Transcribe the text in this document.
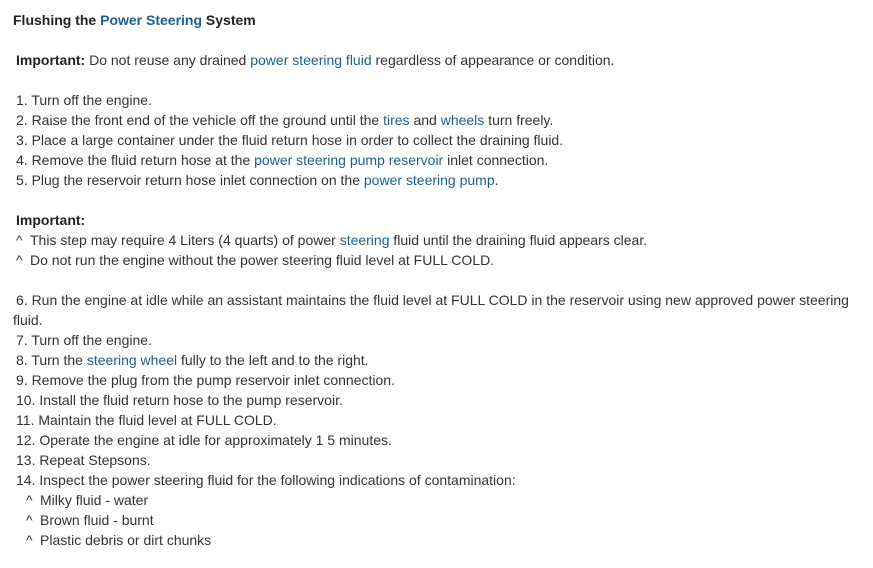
Flushing the Power Steering System
Important: Do not reuse any drained power steering fluid regardless of appearance or condition.
1. Turn off the engine.
2. Raise the front end of the vehicle off the ground until the tires and wheels turn freely.
3. Place a large container under the fluid return hose in order to collect the draining fluid.
4. Remove the fluid return hose at the power steering pump reservoir inlet connection.
5. Plug the reservoir return hose inlet connection on the power steering pump.
Important:
^ This step may require 4 Liters (4 quarts) of power steering fluid until the draining fluid appears clear.
^ Do not run the engine without the power steering fluid level at FULL COLD.
6. Run the engine at idle while an assistant maintains the fluid level at FULL COLD in the reservoir using new approved power steering fluid.
7. Turn off the engine.
8. Turn the steering wheel fully to the left and to the right.
9. Remove the plug from the pump reservoir inlet connection.
10. Install the fluid return hose to the pump reservoir.
11. Maintain the fluid level at FULL COLD.
12. Operate the engine at idle for approximately 1 5 minutes.
13. Repeat Stepsons.
14. Inspect the power steering fluid for the following indications of contamination:
^ Milky fluid - water
^ Brown fluid - burnt
^ Plastic debris or dirt chunks
